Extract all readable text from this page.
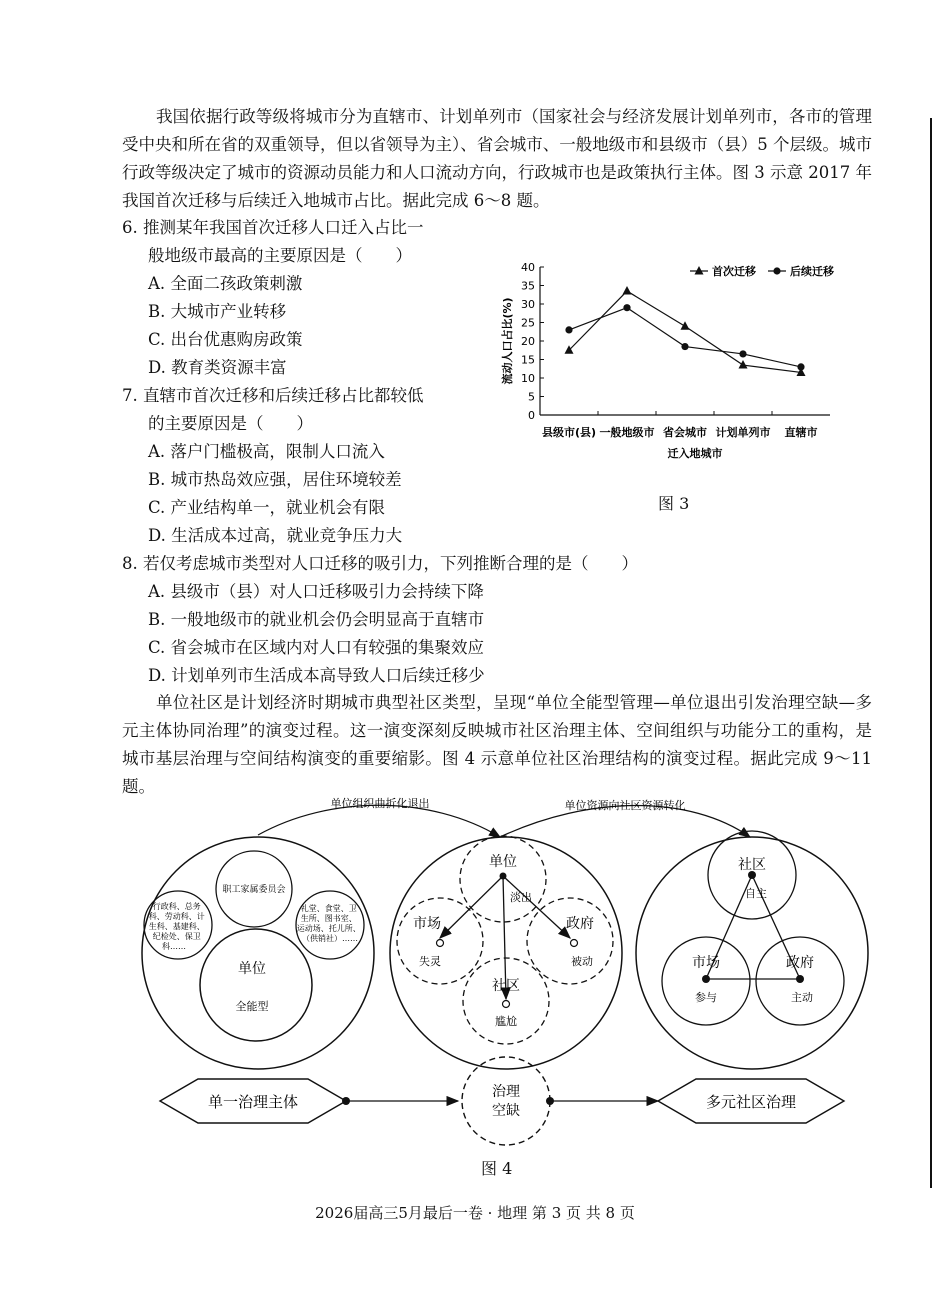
我国依据行政等级将城市分为直辖市、计划单列市（国家社会与经济发展计划单列市，各市的管理受中央和所在省的双重领导，但以省领导为主）、省会城市、一般地级市和县级市（县）5 个层级。城市行政等级决定了城市的资源动员能力和人口流动方向，行政城市也是政策执行主体。图 3 示意 2017 年我国首次迁移与后续迁入地城市占比。据此完成 6～8 题。
6. 推测某年我国首次迁移人口迁入占比一
般地级市最高的主要原因是（　　）
A. 全面二孩政策刺激
B. 大城市产业转移
C. 出台优惠购房政策
D. 教育类资源丰富
7. 直辖市首次迁移和后续迁移占比都较低
的主要原因是（　　）
A. 落户门槛极高，限制人口流入
B. 城市热岛效应强，居住环境较差
C. 产业结构单一，就业机会有限
D. 生活成本过高，就业竞争压力大
8. 若仅考虑城市类型对人口迁移的吸引力，下列推断合理的是（　　）
A. 县级市（县）对人口迁移吸引力会持续下降
B. 一般地级市的就业机会仍会明显高于直辖市
C. 省会城市在区域内对人口有较强的集聚效应
D. 计划单列市生活成本高导致人口后续迁移少
单位社区是计划经济时期城市典型社区类型，呈现“单位全能型管理—单位退出引发治理空缺—多元主体协同治理”的演变过程。这一演变深刻反映城市社区治理主体、空间组织与功能分工的重构，是城市基层治理与空间结构演变的重要缩影。图 4 示意单位社区治理结构的演变过程。据此完成 9～11 题。
0
5
10
15
20
25
30
35
40
县级市(县) 一般地级市 省会城市 计划单列市 直辖市
迁入地城市
流动人口占比(%)
首次迁移	后续迁移
图 3
单位组织曲折化退出	单位资源向社区资源转化
职工家属委员会
行政科、总务 科、劳动科、计 生科、基建科、 纪检处、保卫 科……
礼堂、食堂、卫 生所、图书室、 运动场、托儿所、 （供销社）……
单位
全能型
单位
淡出
市场
失灵
政府
被动
社区
尴尬
社区
自主
市场
参与
政府
主动
单一治理主体
治理
空缺	多元社区治理
图 4
2026届高三5月最后一卷 · 地理 第 3 页 共 8 页
